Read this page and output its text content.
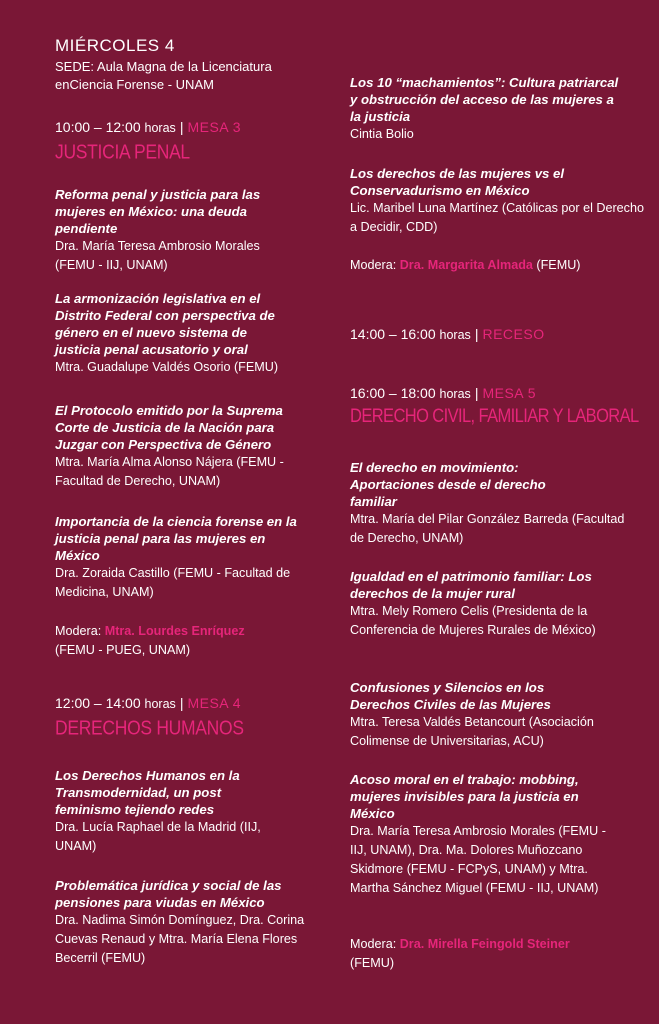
MIÉRCOLES 4
SEDE: Aula Magna de la Licenciatura enCiencia Forense - UNAM
10:00 – 12:00 horas | MESA 3
JUSTICIA PENAL
Reforma penal y justicia para las mujeres en México: una deuda pendiente
Dra. María Teresa Ambrosio Morales (FEMU - IIJ, UNAM)
La armonización legislativa en el Distrito Federal con perspectiva de género en el nuevo sistema de justicia penal acusatorio y oral
Mtra. Guadalupe Valdés Osorio (FEMU)
El Protocolo emitido por la Suprema Corte de Justicia de la Nación para Juzgar con Perspectiva de Género
Mtra. María Alma Alonso Nájera (FEMU - Facultad de Derecho, UNAM)
Importancia de la ciencia forense en la justicia penal para las mujeres en México
Dra. Zoraida Castillo (FEMU - Facultad de Medicina, UNAM)
Modera: Mtra. Lourdes Enríquez
(FEMU - PUEG, UNAM)
12:00 – 14:00 horas | MESA 4
DERECHOS HUMANOS
Los Derechos Humanos en la Transmodernidad, un post feminismo tejiendo redes
Dra. Lucía Raphael de la Madrid (IIJ, UNAM)
Problemática jurídica y social de las pensiones para viudas en México
Dra. Nadima Simón Domínguez, Dra. Corina Cuevas Renaud y Mtra. María Elena Flores Becerril (FEMU)
Los 10 “machamientos”: Cultura patriarcal y obstrucción del acceso de las mujeres a la justicia
Cintia Bolio
Los derechos de las mujeres vs el Conservadurismo en México
Lic. Maribel Luna Martínez (Católicas por el Derecho a Decidir, CDD)
Modera: Dra. Margarita Almada (FEMU)
14:00 – 16:00 horas | RECESO
16:00 – 18:00 horas | MESA 5
DERECHO CIVIL, FAMILIAR Y LABORAL
El derecho en movimiento: Aportaciones desde el derecho familiar
Mtra. María del Pilar González Barreda (Facultad de Derecho, UNAM)
Igualdad en el patrimonio familiar: Los derechos de la mujer rural
Mtra. Mely Romero Celis (Presidenta de la Conferencia de Mujeres Rurales de México)
Confusiones y Silencios en los Derechos Civiles de las Mujeres
Mtra. Teresa Valdés Betancourt (Asociación Colimense de Universitarias, ACU)
Acoso moral en el trabajo: mobbing, mujeres invisibles para la justicia en México
Dra. María Teresa Ambrosio Morales (FEMU - IIJ, UNAM), Dra. Ma. Dolores Muñozcano Skidmore (FEMU - FCPyS, UNAM) y Mtra. Martha Sánchez Miguel (FEMU - IIJ, UNAM)
Modera: Dra. Mirella Feingold Steiner
(FEMU)
